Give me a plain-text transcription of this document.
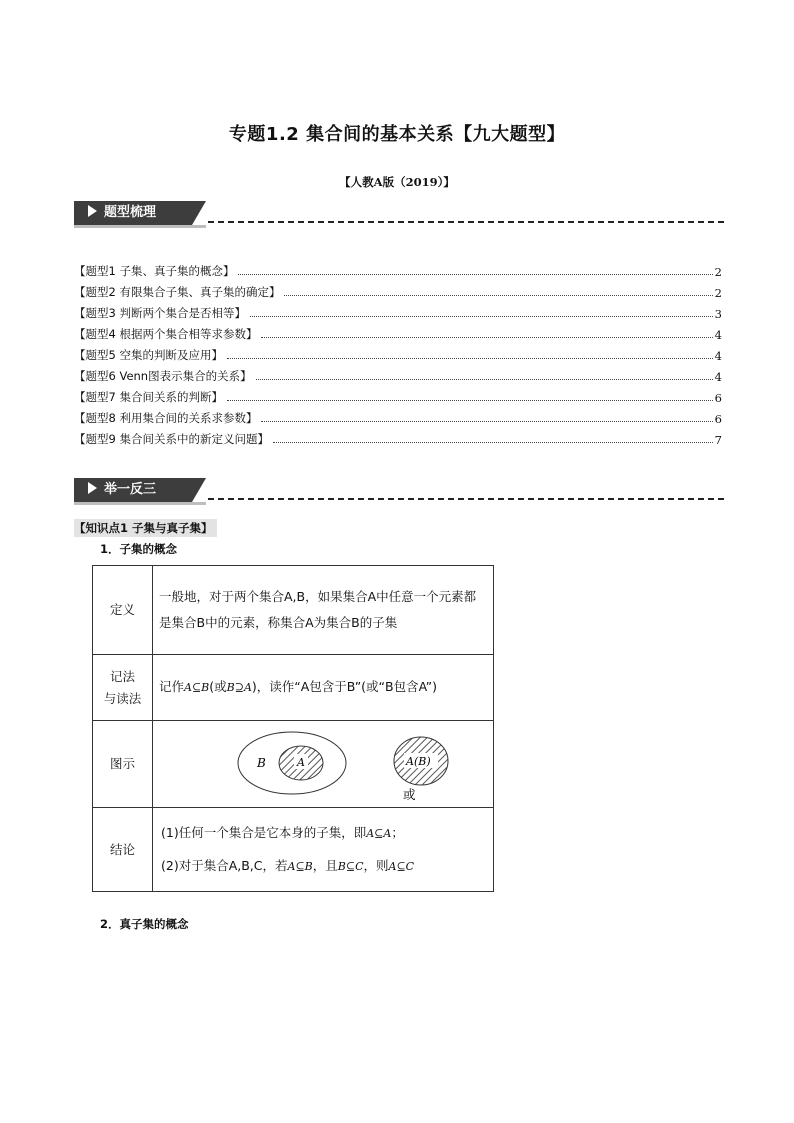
专题1.2 集合间的基本关系【九大题型】
【人教A版（2019）】
题型梳理
【题型1 子集、真子集的概念】	2
【题型2 有限集合子集、真子集的确定】	2
【题型3 判断两个集合是否相等】	3
【题型4 根据两个集合相等求参数】	4
【题型5 空集的判断及应用】	4
【题型6 Venn图表示集合的关系】	4
【题型7 集合间关系的判断】	6
【题型8 利用集合间的关系求参数】	6
【题型9 集合间关系中的新定义问题】	7
举一反三
【知识点1 子集与真子集】
1．子集的概念
定义	一般地，对于两个集合A,B，如果集合A中任意一个元素都是集合B中的元素，称集合A为集合B的子集
记法
与读法	记作A⊆B(或B⊇A)，读作“A包含于B”(或“B包含A”)
图示	B A A(B)
或

结论	(1)任何一个集合是它本身的子集，即A⊆A；
(2)对于集合A,B,C，若A⊆B，且B⊆C，则A⊆C
2．真子集的概念
